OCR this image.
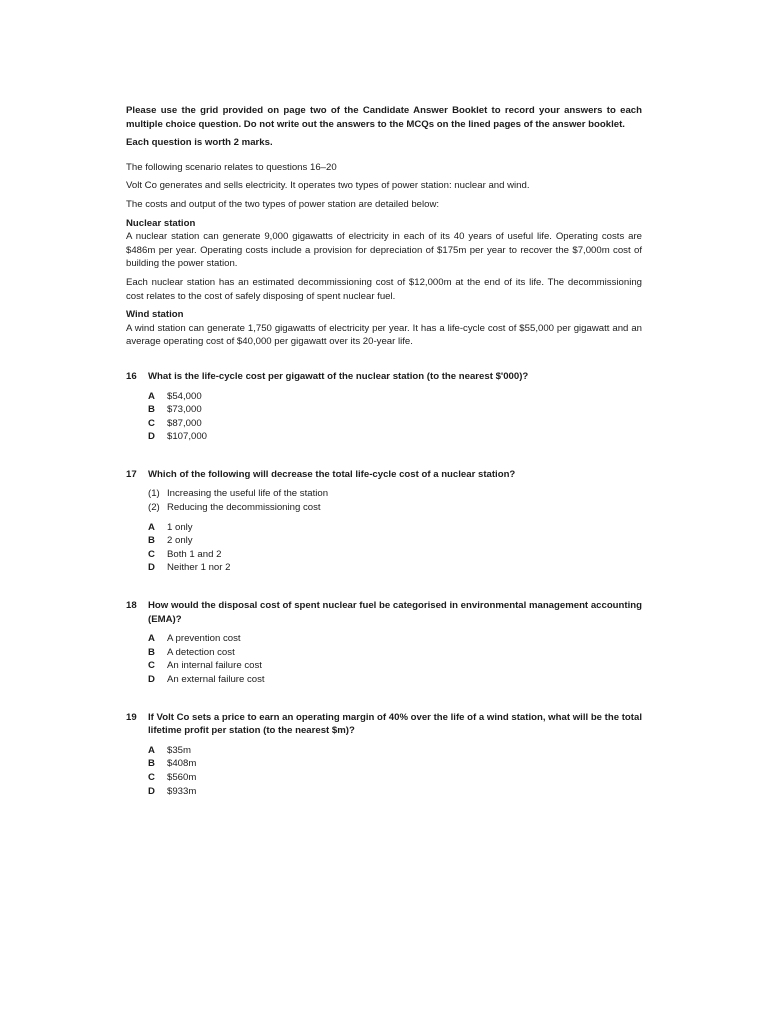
Please use the grid provided on page two of the Candidate Answer Booklet to record your answers to each multiple choice question. Do not write out the answers to the MCQs on the lined pages of the answer booklet.

Each question is worth 2 marks.

The following scenario relates to questions 16–20

Volt Co generates and sells electricity. It operates two types of power station: nuclear and wind.

The costs and output of the two types of power station are detailed below:

Nuclear station

A nuclear station can generate 9,000 gigawatts of electricity in each of its 40 years of useful life. Operating costs are $486m per year. Operating costs include a provision for depreciation of $175m per year to recover the $7,000m cost of building the power station.

Each nuclear station has an estimated decommissioning cost of $12,000m at the end of its life. The decommissioning cost relates to the cost of safely disposing of spent nuclear fuel.

Wind station

A wind station can generate 1,750 gigawatts of electricity per year. It has a life-cycle cost of $55,000 per gigawatt and an average operating cost of $40,000 per gigawatt over its 20-year life.

16	What is the life-cycle cost per gigawatt of the nuclear station (to the nearest $'000)?
A	$54,000
B	$73,000
C	$87,000
D	$107,000
17	Which of the following will decrease the total life-cycle cost of a nuclear station?
(1) Increasing the useful life of the station
(2) Reducing the decommissioning cost
A	1 only
B	2 only
C	Both 1 and 2
D	Neither 1 nor 2
18	How would the disposal cost of spent nuclear fuel be categorised in environmental management accounting (EMA)?
A	A prevention cost
B	A detection cost
C	An internal failure cost
D	An external failure cost
19	If Volt Co sets a price to earn an operating margin of 40% over the life of a wind station, what will be the total lifetime profit per station (to the nearest $m)?
A	$35m
B	$408m
C	$560m
D	$933m
